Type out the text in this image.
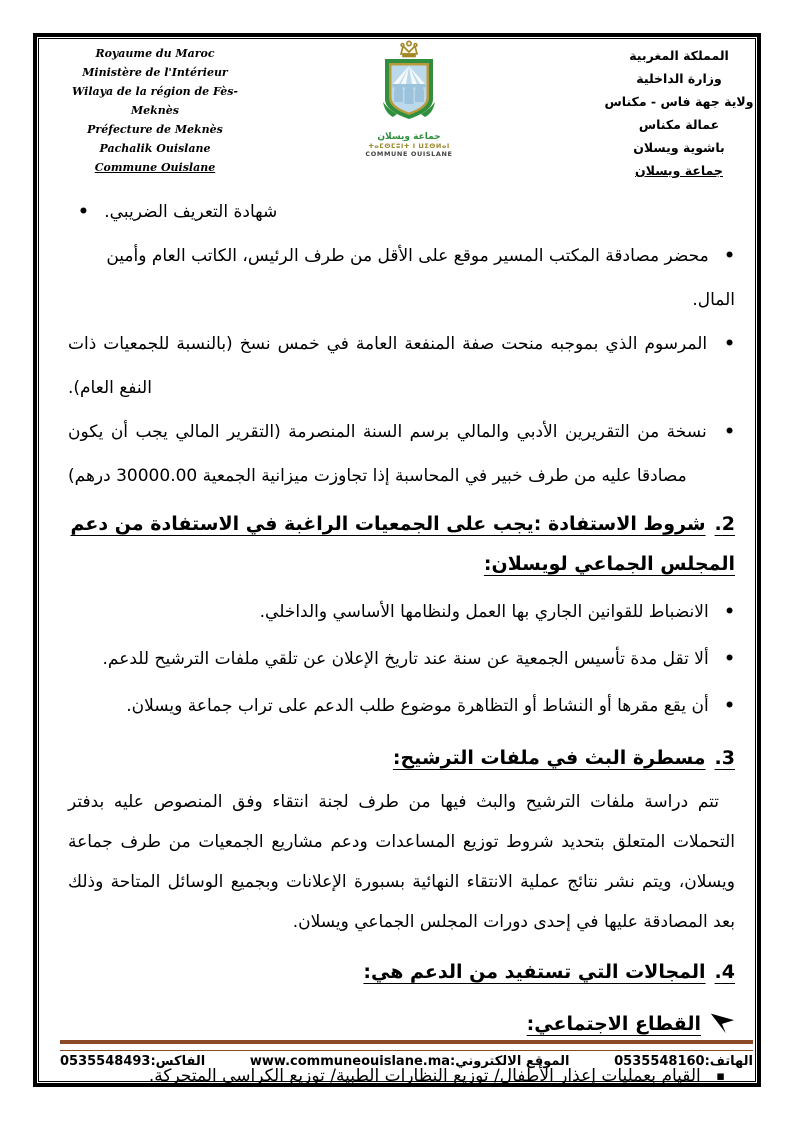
Royaume du Maroc
Ministère de l'Intérieur
Wilaya de la région de Fès-Meknès
Préfecture de Meknès
Pachalik Ouislane
Commune Ouislane
جماعة ويسلان
ⵜⴰⵎⵙⵎⵓⵏⵜ ⵏ ⵡⵉⵙⵍⴰⵏ
COMMUNE OUISLANE
المملكة المغربية
وزارة الداخلية
ولاية جهة فاس - مكناس
عمالة مكناس
باشوية ويسلان
جماعة ويسلان
• شهادة التعريف الضريبي.
• محضر مصادقة المكتب المسير موقع على الأقل من طرف الرئيس، الكاتب العام وأمين المال.
• المرسوم الذي بموجبه منحت صفة المنفعة العامة في خمس نسخ (بالنسبة للجمعيات ذات النفع العام).
• نسخة من التقريرين الأدبي والمالي برسم السنة المنصرمة (التقرير المالي يجب أن يكون مصادقا عليه من طرف خبير في المحاسبة إذا تجاوزت ميزانية الجمعية 30000.00 درهم)
2.شروط الاستفادة :يجب على الجمعيات الراغبة في الاستفادة من دعم المجلس الجماعي لويسلان:
• الانضباط للقوانين الجاري بها العمل ولنظامها الأساسي والداخلي.
• ألا تقل مدة تأسيس الجمعية عن سنة عند تاريخ الإعلان عن تلقي ملفات الترشيح للدعم.
• أن يقع مقرها أو النشاط أو التظاهرة موضوع طلب الدعم على تراب جماعة ويسلان.
3.مسطرة البث في ملفات الترشيح:

تتم دراسة ملفات الترشيح والبث فيها من طرف لجنة انتقاء وفق المنصوص عليه بدفتر التحملات المتعلق بتحديد شروط توزيع المساعدات ودعم مشاريع الجمعيات من طرف جماعة ويسلان، ويتم نشر نتائج عملية الانتقاء النهائية بسبورة الإعلانات وبجميع الوسائل المتاحة وذلك بعد المصادقة عليها في إحدى دورات المجلس الجماعي ويسلان.

4.المجالات التي تستفيد من الدعم هي:
القطاع الاجتماعي:
▪ القيام بعمليات إعذار الأطفال/ توزيع النظارات الطبية/ توزيع الكراسي المتحركة.
الفاكس:0535548493	الموقع الالكتروني:www.communeouislane.ma	الهاتف:0535548160
